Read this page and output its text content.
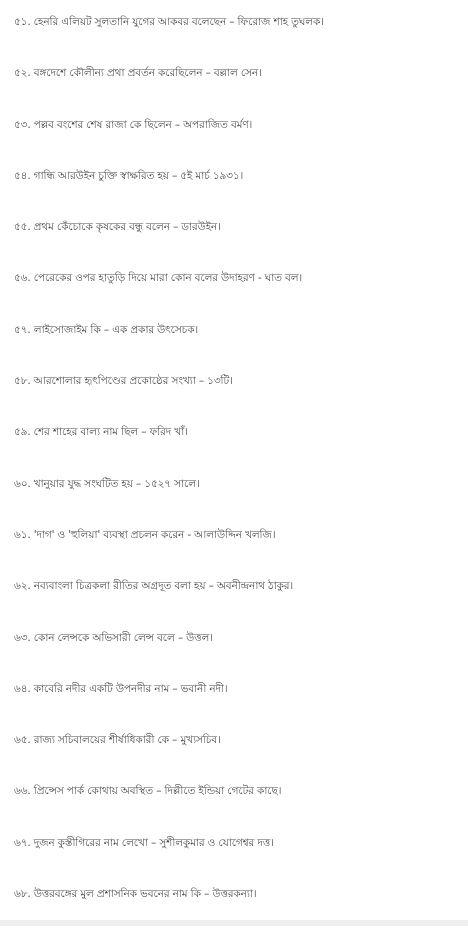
৫১. হেনরি এলিয়ট সুলতানি যুগের আকবর বলেছেন – ফিরোজ শাহ তুঘলক।
৫২. বঙ্গদেশে কৌলীন্য প্রথা প্রবর্তন করেছিলেন – বল্লাল সেন।
৫৩. পল্লব বংশের শেষ রাজা কে ছিলেন – অপরাজিত বর্মণ।
৫৪. গান্ধি আরউইন চুক্তি স্বাক্ষরিত হয় – ৫ই মার্চ ১৯৩১।
৫৫. প্রথম কেঁচোকে কৃষকের বন্ধু বলেন – ডারউইন।
৫৬. পেরেকের ওপর হাতুড়ি দিয়ে মারা কোন বলের উদাহরণ - ঘাত বল।
৫৭. লাইসোজাইম কি – এক প্রকার উৎসেচক।
৫৮. আরশোলার হৃৎপিণ্ডের প্রকোষ্ঠের সংখ্যা – ১৩টি।
৫৯. শের শাহের বাল্য নাম ছিল – ফরিদ খাঁ।
৬০. খানুয়ার যুদ্ধ সংঘটিত হয় – ১৫২৭ সালে।
৬১. 'দাগ' ও 'হুলিয়া' ব্যবস্থা প্রচলন করেন - আলাউদ্দিন খলজি।
৬২. নব্যবাংলা চিত্রকলা রীতির অগ্রদূত বলা হয় – অবনীন্দ্রনাথ ঠাকুর।
৬৩. কোন লেন্সকে অভিসারী লেন্স বলে – উত্তল।
৬৪. কাবেরি নদীর একটি উপনদীর নাম – ভবানী নদী।
৬৫. রাজ্য সচিবালয়ের শীর্ষাধিকারী কে – মুখ্যসচিব।
৬৬. প্রিন্সেস পার্ক কোথায় অবস্থিত – দিল্লীতে ইন্ডিয়া গেটের কাছে।
৬৭. দুজন কুস্তীগিরের নাম লেখো – সুশীলকুমার ও যোগেশ্বর দত্ত।
৬৮. উত্তরবঙ্গের মুল প্রশাসনিক ভবনের নাম কি – উত্তরকন্যা।
